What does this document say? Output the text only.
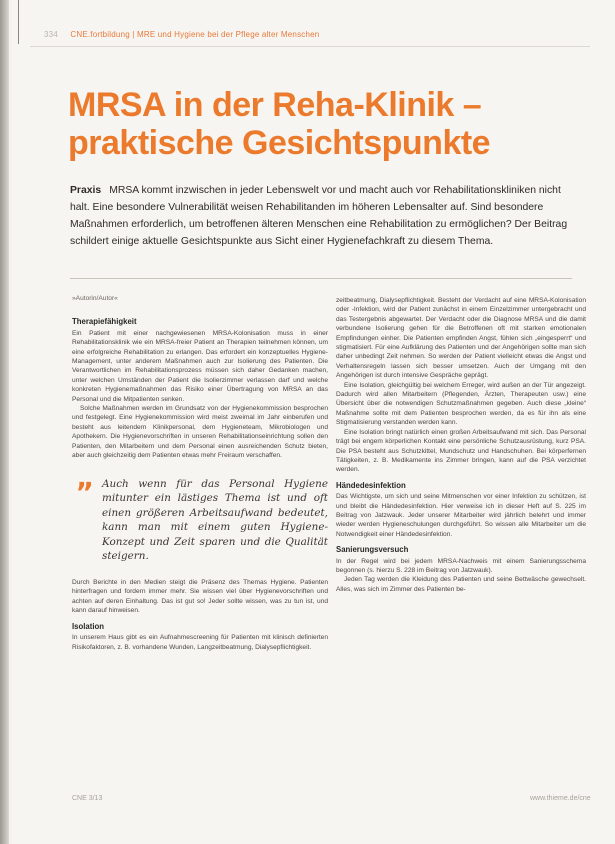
334 CNE.fortbildung | MRE und Hygiene bei der Pflege alter Menschen
MRSA in der Reha-Klinik –
praktische Gesichtspunkte
Praxis MRSA kommt inzwischen in jeder Lebenswelt vor und macht auch vor Rehabilitationskliniken nicht halt. Eine besondere Vulnerabilität weisen Rehabilitanden im höheren Lebensalter auf. Sind besondere Maßnahmen erforderlich, um betroffenen älteren Menschen eine Rehabilitation zu ermöglichen? Der Beitrag schildert einige aktuelle Gesichtspunkte aus Sicht einer Hygienefachkraft zu diesem Thema.
»Autorin/Autor«
Therapiefähigkeit

Ein Patient mit einer nachgewiesenen MRSA-Kolonisation muss in einer Rehabilitationsklinik wie ein MRSA-freier Patient an Therapien teilnehmen können, um eine erfolgreiche Rehabilitation zu erlangen. Das erfordert ein konzeptuelles Hygiene-Management, unter anderem Maßnahmen auch zur Isolierung des Patienten. Die Verantwortlichen im Rehabilitationsprozess müssen sich daher Gedanken machen, unter welchen Umständen der Patient die Isolierzimmer verlassen darf und welche konkreten Hygienemaßnahmen das Risiko einer Übertragung von MRSA an das Personal und die Mitpatienten senken.

Solche Maßnahmen werden im Grundsatz von der Hygienekommission besprochen und festgelegt. Eine Hygienekommission wird meist zweimal im Jahr einberufen und besteht aus leitendem Klinikpersonal, dem Hygieneteam, Mikrobiologen und Apothekern. Die Hygienevorschriften in unseren Rehabilitationseinrichtung sollen den Patienten, den Mitarbeitern und dem Personal einen ausreichenden Schutz bieten, aber auch gleichzeitig dem Patienten etwas mehr Freiraum verschaffen.

„ Auch wenn für das Personal Hygiene mitunter ein lästiges Thema ist und oft einen größeren Arbeitsaufwand bedeutet, kann man mit einem guten Hygiene-Konzept und Zeit sparen und die Qualität steigern.

Durch Berichte in den Medien steigt die Präsenz des Themas Hygiene. Patienten hinterfragen und fordern immer mehr. Sie wissen viel über Hygienevorschriften und achten auf deren Einhaltung. Das ist gut so! Jeder sollte wissen, was zu tun ist, und kann darauf hinweisen.

Isolation

In unserem Haus gibt es ein Aufnahmescreening für Patienten mit klinisch definierten Risikofaktoren, z. B. vorhandene Wunden, Langzeitbeatmung, Dialysepflichtigkeit.

zeitbeatmung, Dialysepflichtigkeit. Besteht der Verdacht auf eine MRSA-Kolonisation oder -Infektion, wird der Patient zunächst in einem Einzelzimmer untergebracht und das Testergebnis abgewartet. Der Verdacht oder die Diagnose MRSA und die damit verbundene Isolierung gehen für die Betroffenen oft mit starken emotionalen Empfindungen einher. Die Patienten empfinden Angst, fühlen sich „eingesperrt“ und stigmatisiert. Für eine Aufklärung des Patienten und der Angehörigen sollte man sich daher unbedingt Zeit nehmen. So werden der Patient vielleicht etwas die Angst und Verhaltensregeln lassen sich besser umsetzen. Auch der Umgang mit den Angehörigen ist durch intensive Gespräche geprägt.

Eine Isolation, gleichgültig bei welchem Erreger, wird außen an der Tür angezeigt. Dadurch wird allen Mitarbeitern (Pflegenden, Ärzten, Therapeuten usw.) eine Übersicht über die notwendigen Schutzmaßnahmen gegeben. Auch diese „kleine“ Maßnahme sollte mit dem Patienten besprochen werden, da es für ihn als eine Stigmatisierung verstanden werden kann.

Eine Isolation bringt natürlich einen großen Arbeitsaufwand mit sich. Das Personal trägt bei engem körperlichen Kontakt eine persönliche Schutzausrüstung, kurz PSA. Die PSA besteht aus Schutzkittel, Mundschutz und Handschuhen. Bei körperfernen Tätigkeiten, z. B. Medikamente ins Zimmer bringen, kann auf die PSA verzichtet werden.

Händedesinfektion

Das Wichtigste, um sich und seine Mitmenschen vor einer Infektion zu schützen, ist und bleibt die Händedesinfektion. Hier verweise ich in dieser Heft auf S. 225 im Beitrag von Jatzwauk. Jeder unserer Mitarbeiter wird jährlich belehrt und immer wieder werden Hygieneschulungen durchgeführt. So wissen alle Mitarbeiter um die Notwendigkeit einer Händedesinfektion.

Sanierungsversuch

In der Regel wird bei jedem MRSA-Nachweis mit einem Sanierungsschema begonnen (s. hierzu S. 228 im Beitrag von Jatzwauk).

Jeden Tag werden die Kleidung des Patienten und seine Bettwäsche gewechselt. Alles, was sich im Zimmer des Patienten be-

CNE 3/13	www.thieme.de/cne
